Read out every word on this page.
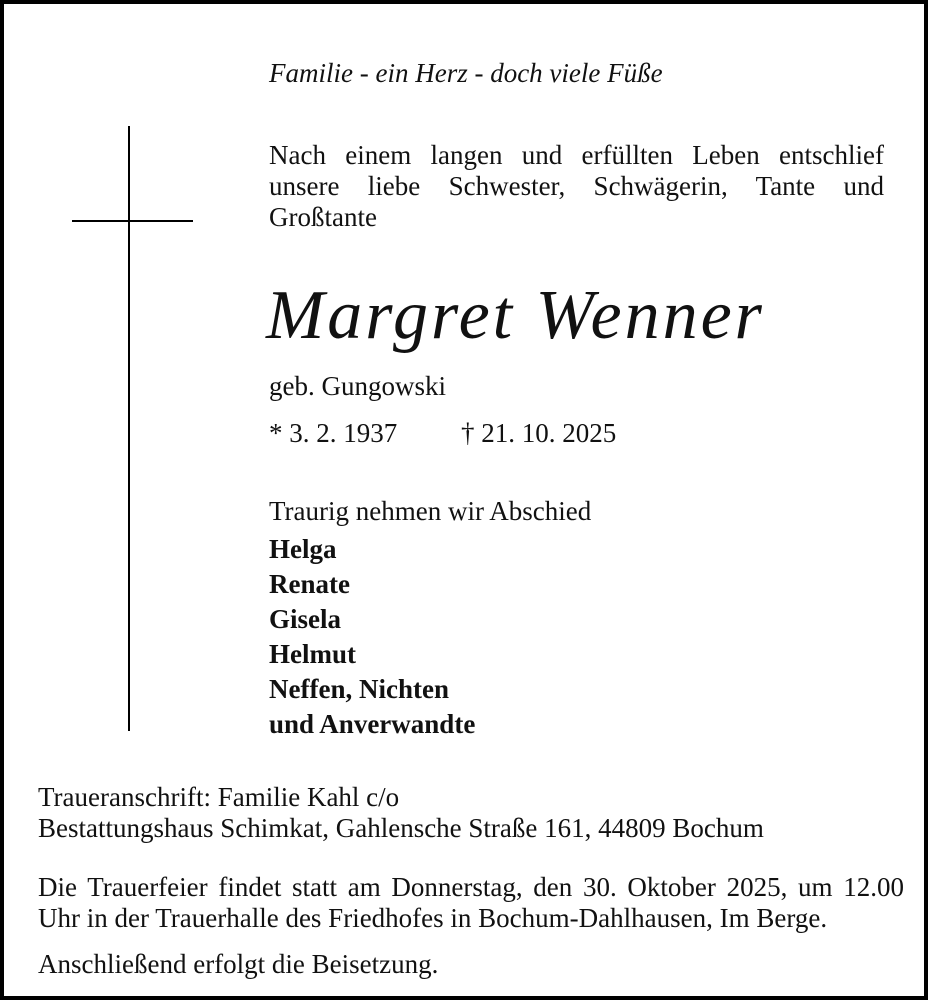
Familie - ein Herz - doch viele Füße
Nach einem langen und erfüllten Leben entschlief unsere liebe Schwester, Schwägerin, Tante und Großtante
Margret Wenner
geb. Gungowski
* 3. 2. 1937 † 21. 10. 2025
Traurig nehmen wir Abschied
Helga
Renate
Gisela
Helmut
Neffen, Nichten
und Anverwandte
Traueranschrift: Familie Kahl c/o
Bestattungshaus Schimkat, Gahlensche Straße 161, 44809 Bochum
Die Trauerfeier findet statt am Donnerstag, den 30. Oktober 2025, um 12.00 Uhr in der Trauerhalle des Friedhofes in Bochum-Dahlhausen, Im Berge.
Anschließend erfolgt die Beisetzung.
